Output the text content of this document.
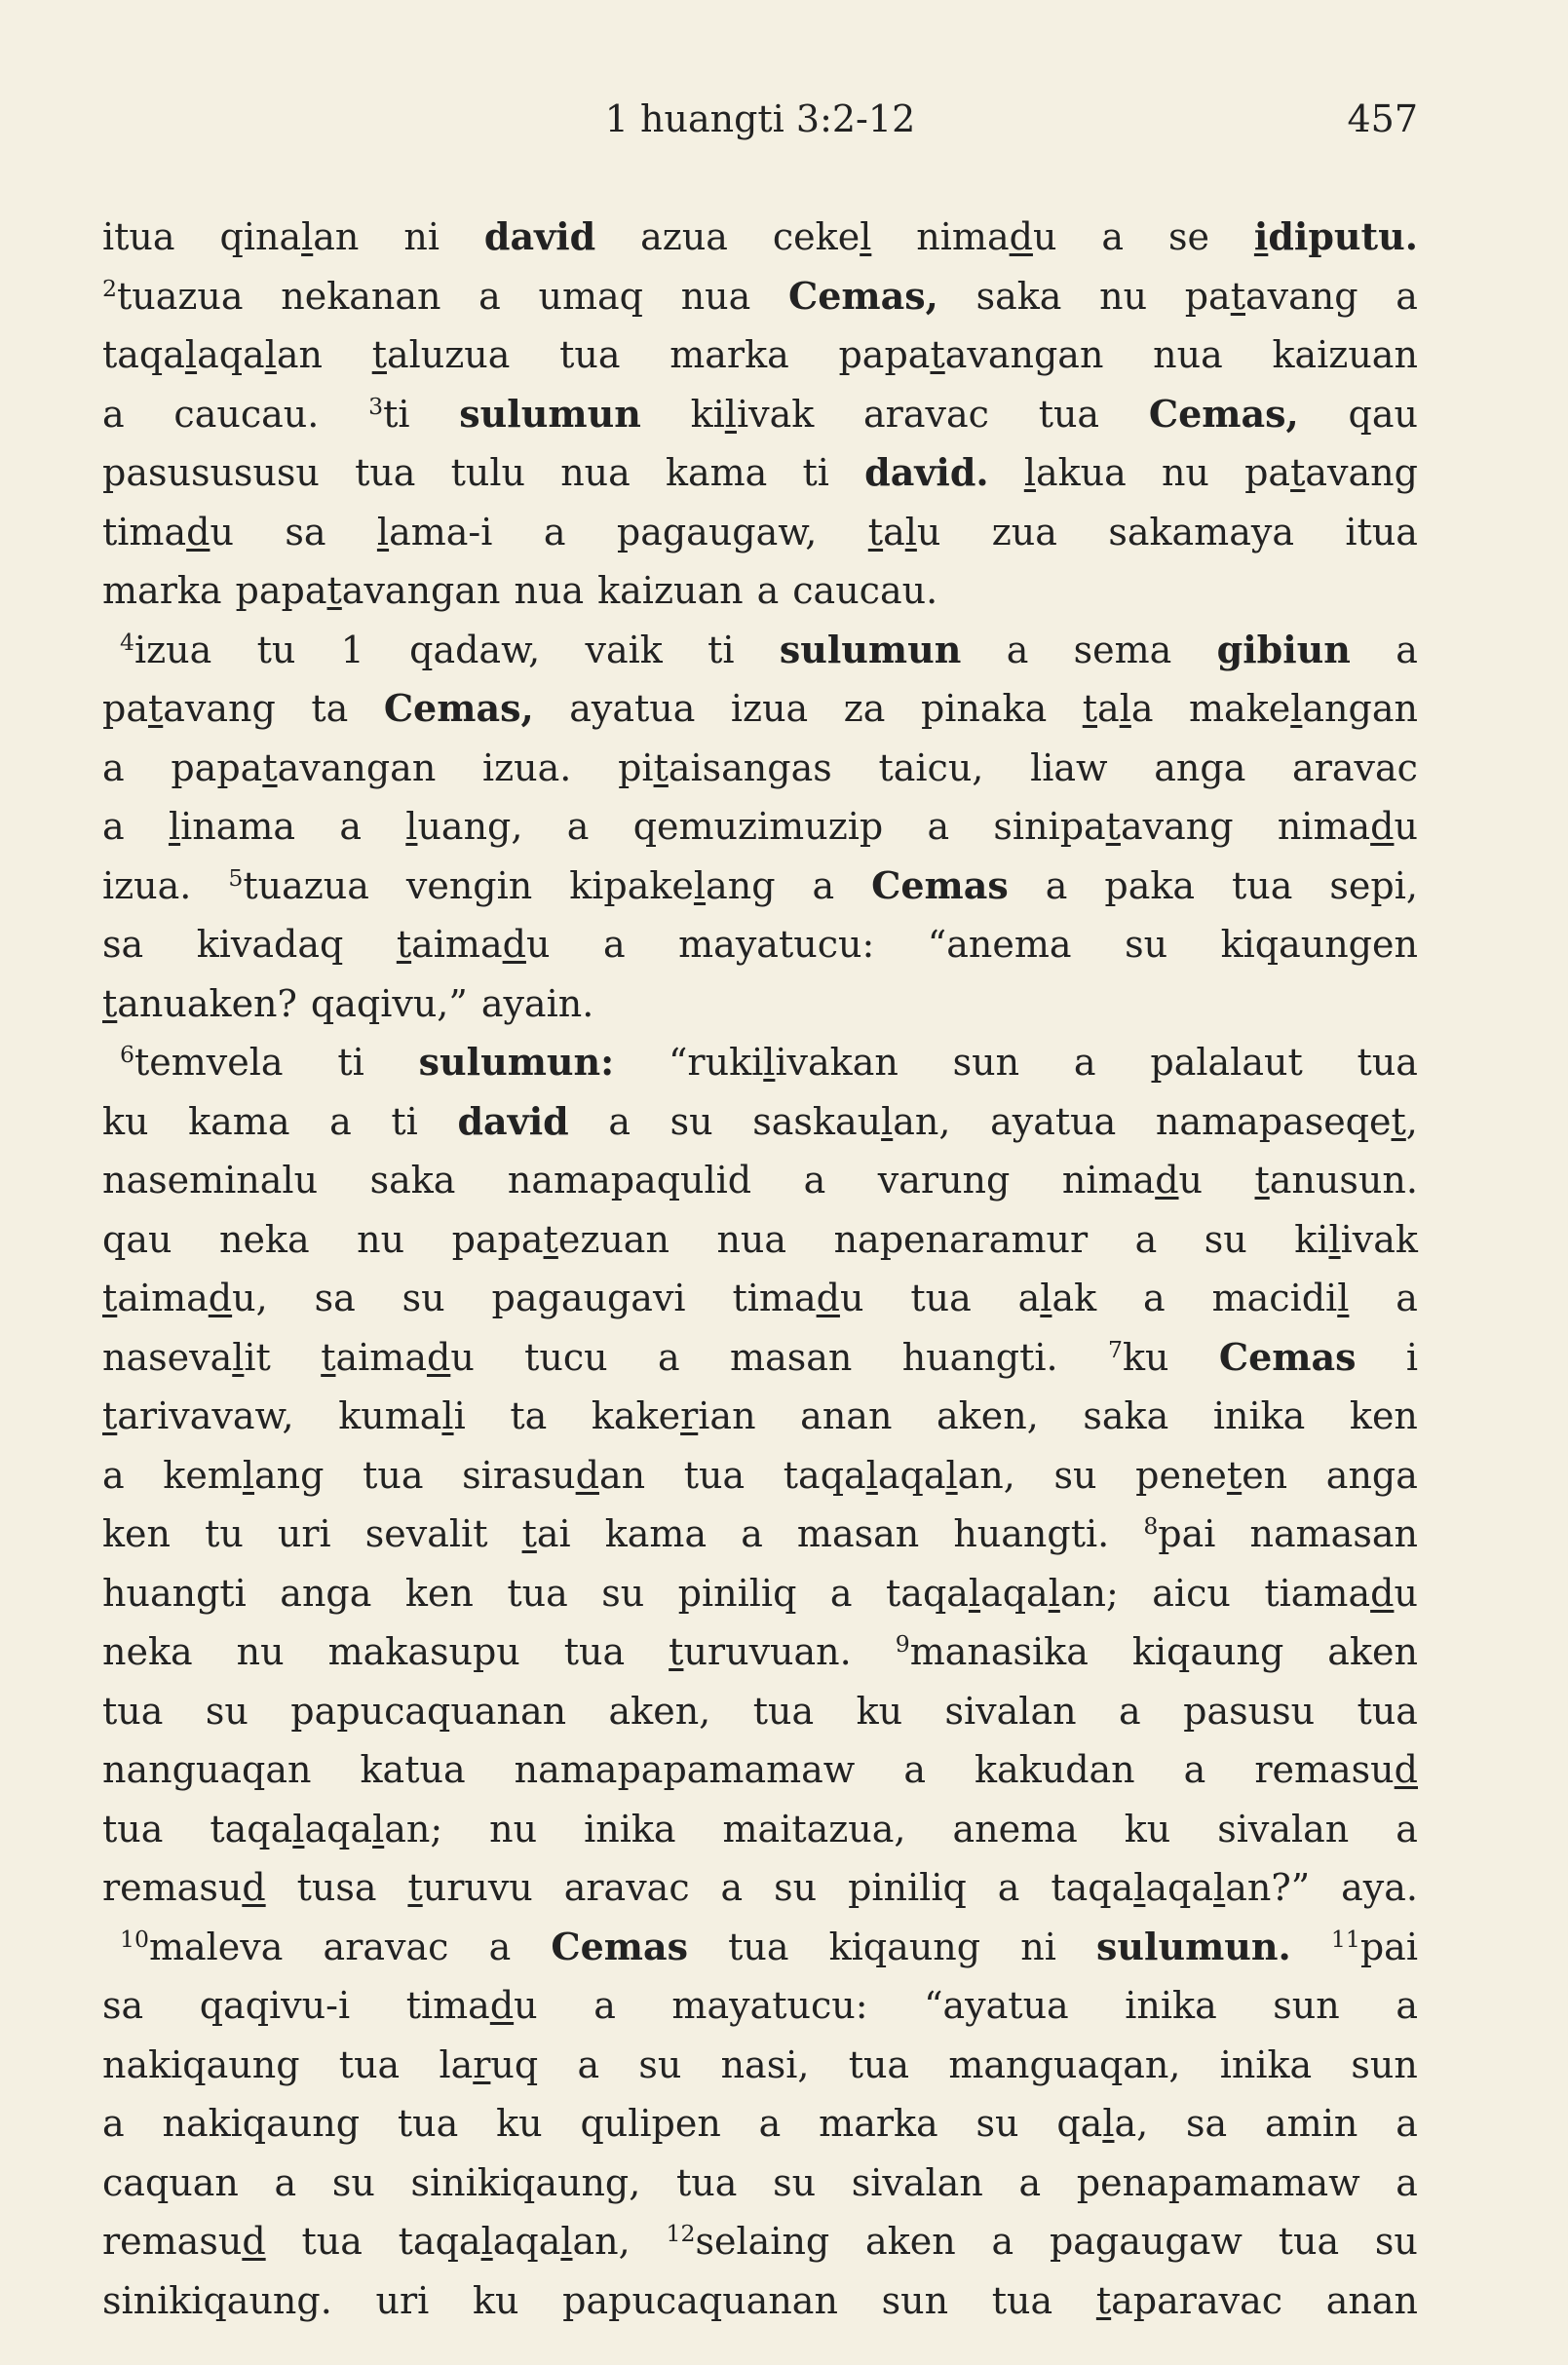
1 huangti 3:2-12	457
itua qinalan ni david azua cekel nimadu a se idiputu.
$^2$tuazua nekanan a umaq nua Cemas, saka nu patavang a
taqalaqalan taluzua tua marka papatavangan nua kaizuan
a caucau. $^3$ti sulumun kilivak aravac tua Cemas, qau
pasusususu tua tulu nua kama ti david. lakua nu patavang
timadu sa lama-i a pagaugaw, talu zua sakamaya itua
marka papatavangan nua kaizuan a caucau.
$^4$izua tu 1 qadaw, vaik ti sulumun a sema gibiun a
patavang ta Cemas, ayatua izua za pinaka tala makelangan
a papatavangan izua. pitaisangas taicu, liaw anga aravac
a linama a luang, a qemuzimuzip a sinipatavang nimadu
izua. $^5$tuazua vengin kipakelang a Cemas a paka tua sepi,
sa kivadaq taimadu a mayatucu: “anema su kiqaungen
tanuaken? qaqivu,” ayain.
$^6$temvela ti sulumun: “rukilivakan sun a palalaut tua
ku kama a ti david a su saskaulan, ayatua namapaseqet,
naseminalu saka namapaqulid a varung nimadu tanusun.
qau neka nu papatezuan nua napenaramur a su kilivak
taimadu, sa su pagaugavi timadu tua alak a macidil a
nasevalit taimadu tucu a masan huangti. $^7$ku Cemas i
tarivavaw, kumali ta kakerian anan aken, saka inika ken
a kemlang tua sirasudan tua taqalaqalan, su peneten anga
ken tu uri sevalit tai kama a masan huangti. $^8$pai namasan
huangti anga ken tua su piniliq a taqalaqalan; aicu tiamadu
neka nu makasupu tua turuvuan. $^9$manasika kiqaung aken
tua su papucaquanan aken, tua ku sivalan a pasusu tua
nanguaqan katua namapapamamaw a kakudan a remasud
tua taqalaqalan; nu inika maitazua, anema ku sivalan a
remasud tusa turuvu aravac a su piniliq a taqalaqalan?” aya.
$^{10}$maleva aravac a Cemas tua kiqaung ni sulumun. $^{11}$pai
sa qaqivu-i timadu a mayatucu: “ayatua inika sun a
nakiqaung tua laruq a su nasi, tua manguaqan, inika sun
a nakiqaung tua ku qulipen a marka su qala, sa amin a
caquan a su sinikiqaung, tua su sivalan a penapamamaw a
remasud tua taqalaqalan, $^{12}$selaing aken a pagaugaw tua su
sinikiqaung. uri ku papucaquanan sun tua taparavac anan
